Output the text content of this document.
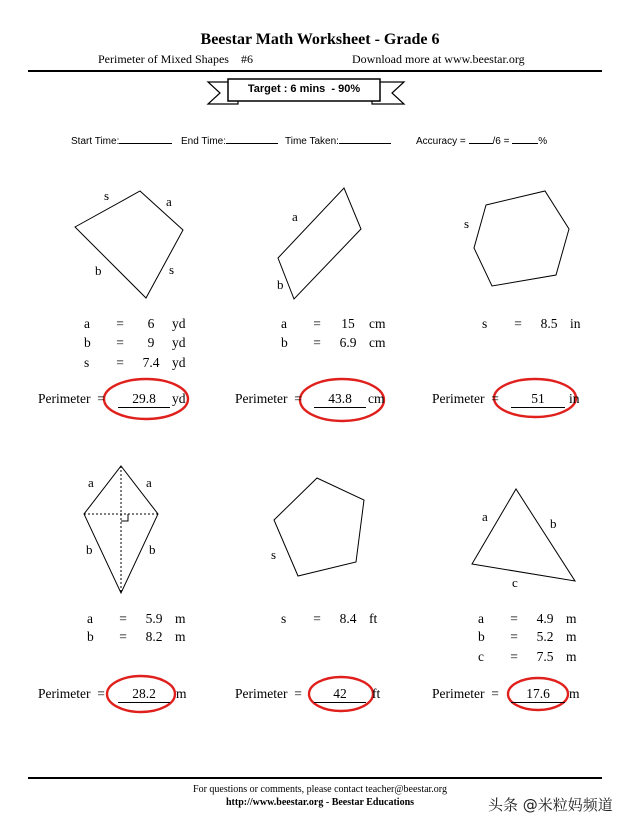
Beestar Math Worksheet - Grade 6
Perimeter of Mixed Shapes    #6	Download more at www.beestar.org
Target : 6 mins  - 90%
Start Time:	End Time:	Time Taken:	Accuracy =	/6 =	%
s	a
b	s
a
b
s
a	a
b	b	s
a	b
c
a = 6 yd
b = 9 yd
s = 7.4 yd
a = 15 cm
b = 6.9 cm
s = 8.5 in
a = 5.9 m
b = 8.2 m
s = 8.4 ft	a = 4.9 m
b = 5.2 m
c = 7.5 m
Perimeter  =	29.8	yd	Perimeter  =	43.8	cm	Perimeter  =	51	in
Perimeter  =	28.2	m	Perimeter  =	42	ft	Perimeter  =	17.6	m
For questions or comments, please contact teacher@beestar.org
http://www.beestar.org - Beestar Educations	头条 @米粒妈频道
